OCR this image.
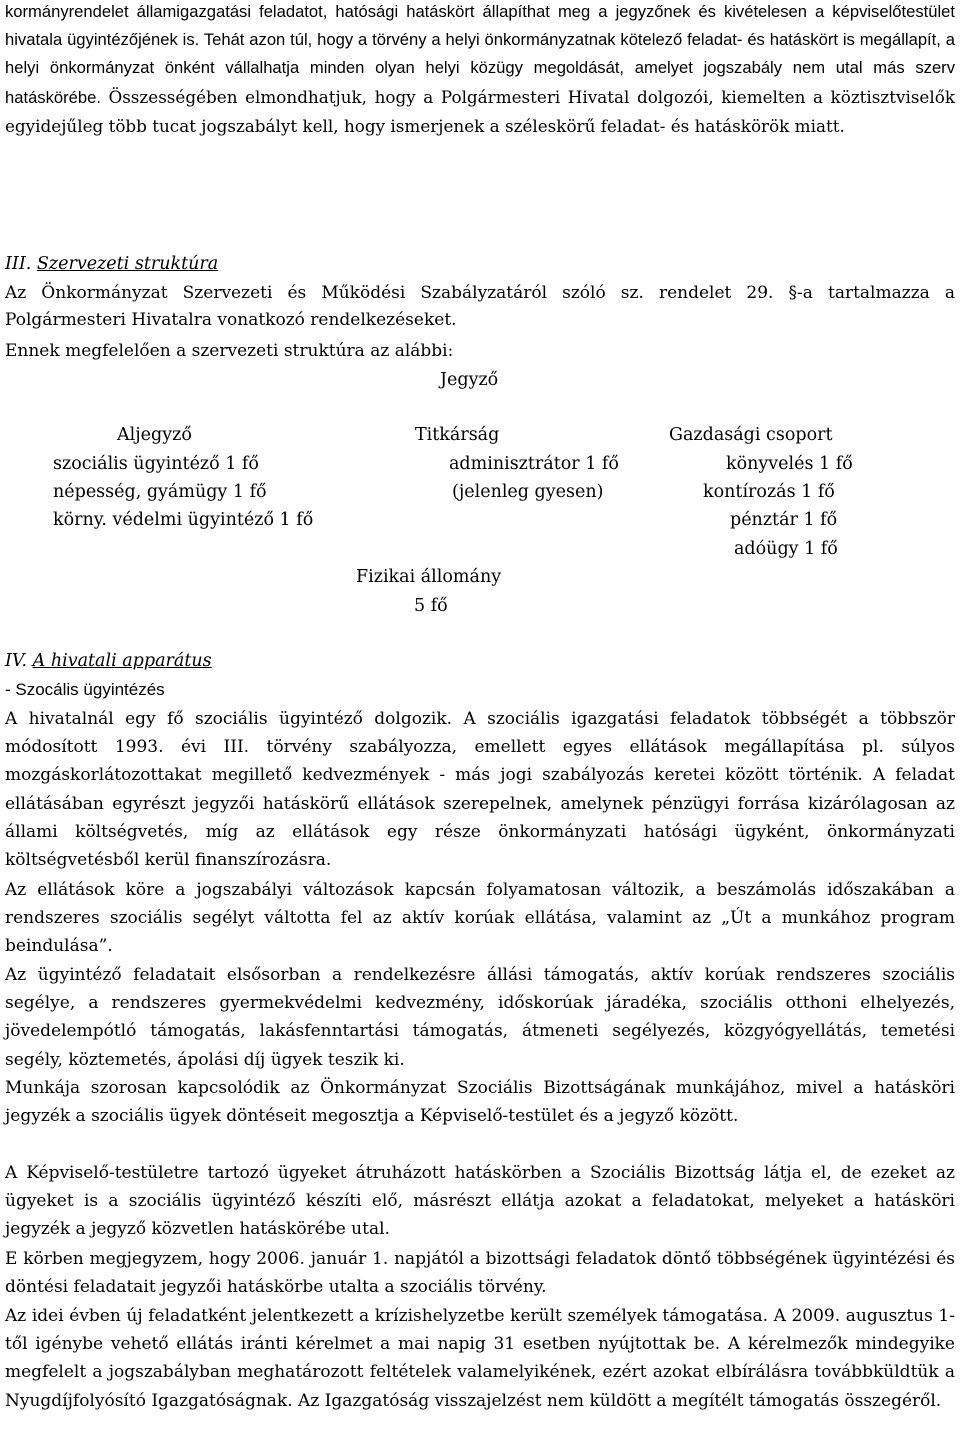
kormányrendelet államigazgatási feladatot, hatósági hatáskört állapíthat meg a jegyzőnek és kivételesen a képviselőtestület hivatala ügyintézőjének is. Tehát azon túl, hogy a törvény a helyi önkormányzatnak kötelező feladat- és hatáskört is megállapít, a helyi önkormányzat önként vállalhatja minden olyan helyi közügy megoldását, amelyet jogszabály nem utal más szerv hatáskörébe. Összességében elmondhatjuk, hogy a Polgármesteri Hivatal dolgozói, kiemelten a köztisztviselők egyidejűleg több tucat jogszabályt kell, hogy ismerjenek a széleskörű feladat- és hatáskörök miatt.

III. Szervezeti struktúra

Az Önkormányzat Szervezeti és Működési Szabályzatáról szóló sz. rendelet 29. §-a tartalmazza a Polgármesteri Hivatalra vonatkozó rendelkezéseket.

Ennek megfelelően a szervezeti struktúra az alábbi:
Jegyző
Aljegyző
szociális ügyintéző 1 fő
népesség, gyámügy 1 fő
körny. védelmi ügyintéző 1 fő
Titkárság
adminisztrátor 1 fő
(jelenleg gyesen)
Gazdasági csoport
könyvelés 1 fő
kontírozás 1 fő
pénztár 1 fő
adóügy 1 fő
Fizikai állomány
5 fő
IV. A hivatali apparátus
- Szocális ügyintézés

A hivatalnál egy fő szociális ügyintéző dolgozik. A szociális igazgatási feladatok többségét a többször módosított 1993. évi III. törvény szabályozza, emellett egyes ellátások megállapítása pl. súlyos mozgáskorlátozottakat megillető kedvezmények - más jogi szabályozás keretei között történik. A feladat ellátásában egyrészt jegyzői hatáskörű ellátások szerepelnek, amelynek pénzügyi forrása kizárólagosan az állami költségvetés, míg az ellátások egy része önkormányzati hatósági ügyként, önkormányzati költségvetésből kerül finanszírozásra.

Az ellátások köre a jogszabályi változások kapcsán folyamatosan változik, a beszámolás időszakában a rendszeres szociális segélyt váltotta fel az aktív korúak ellátása, valamint az „Út a munkához program beindulása”.

Az ügyintéző feladatait elsősorban a rendelkezésre állási támogatás, aktív korúak rendszeres szociális segélye, a rendszeres gyermekvédelmi kedvezmény, időskorúak járadéka, szociális otthoni elhelyezés, jövedelempótló támogatás, lakásfenntartási támogatás, átmeneti segélyezés, közgyógyellátás, temetési segély, köztemetés, ápolási díj ügyek teszik ki.

Munkája szorosan kapcsolódik az Önkormányzat Szociális Bizottságának munkájához, mivel a hatásköri jegyzék a szociális ügyek döntéseit megosztja a Képviselő-testület és a jegyző között.

A Képviselő-testületre tartozó ügyeket átruházott hatáskörben a Szociális Bizottság látja el, de ezeket az ügyeket is a szociális ügyintéző készíti elő, másrészt ellátja azokat a feladatokat, melyeket a hatásköri jegyzék a jegyző közvetlen hatáskörébe utal.

E körben megjegyzem, hogy 2006. január 1. napjától a bizottsági feladatok döntő többségének ügyintézési és döntési feladatait jegyzői hatáskörbe utalta a szociális törvény.

Az idei évben új feladatként jelentkezett a krízishelyzetbe került személyek támogatása. A 2009. augusztus 1-től igénybe vehető ellátás iránti kérelmet a mai napig 31 esetben nyújtottak be. A kérelmezők mindegyike megfelelt a jogszabályban meghatározott feltételek valamelyikének, ezért azokat elbírálásra továbbküldtük a Nyugdíjfolyósító Igazgatóságnak. Az Igazgatóság visszajelzést nem küldött a megítélt támogatás összegéről.
